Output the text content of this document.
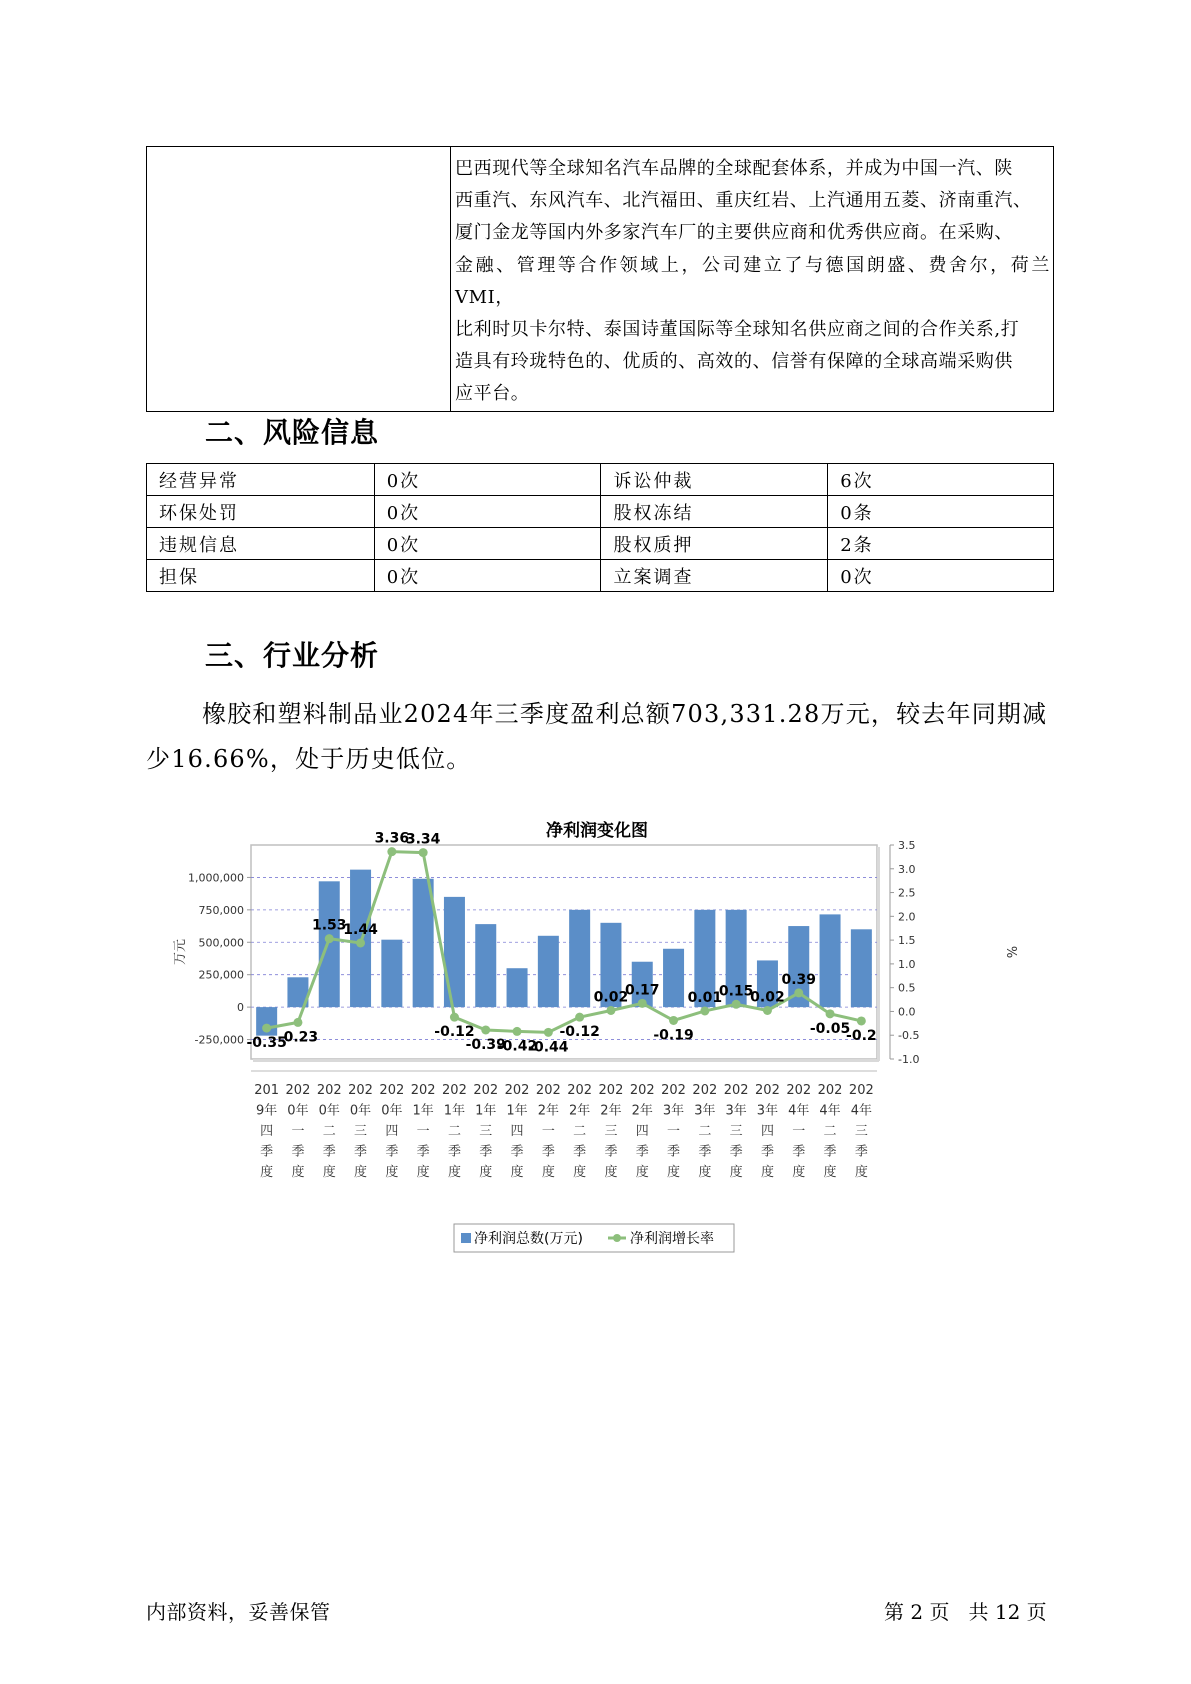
巴西现代等全球知名汽车品牌的全球配套体系，并成为中国一汽、陕
西重汽、东风汽车、北汽福田、重庆红岩、上汽通用五菱、济南重汽、
厦门金龙等国内外多家汽车厂的主要供应商和优秀供应商。在采购、
金融、管理等合作领域上，公司建立了与德国朗盛、费舍尔，荷兰VMI，
比利时贝卡尔特、泰国诗董国际等全球知名供应商之间的合作关系,打
造具有玲珑特色的、优质的、高效的、信誉有保障的全球高端采购供
应平台。
二、风险信息
经营异常	0次	诉讼仲裁	6次
环保处罚	0次	股权冻结	0条
违规信息	0次	股权质押	2条
担保	0次	立案调查	0次
三、行业分析

橡胶和塑料制品业2024年三季度盈利总额703,331.28万元，较去年同期减少16.66%，处于历史低位。

净利润变化图
-0.35
-0.23
1.53
1.44
3.36
3.34
-0.12
-0.39
-0.42
-0.44
-0.12
0.02
0.17
-0.19
0.01
0.15
0.02
0.39
-0.05
-0.2
1,000,000
750,000
500,000
250,000
0
-250,000
3.5
3.0
2.5
2.0
1.5
1.0
0.5
0.0
-0.5
-1.0
万元	%
201
9年
四
季
度
202
0年
一
季
度
202
0年
二
季
度
202
0年
三
季
度
202
0年
四
季
度
202
1年
一
季
度
202
1年
二
季
度
202
1年
三
季
度
202
1年
四
季
度
202
2年
一
季
度
202
2年
二
季
度
202
2年
三
季
度
202
2年
四
季
度
202
3年
一
季
度
202
3年
二
季
度
202
3年
三
季
度
202
3年
四
季
度
202
4年
一
季
度
202
4年
二
季
度
202
4年
三
季
度
净利润总数(万元)	净利润增长率
内部资料，妥善保管	第 2 页   共 12 页
